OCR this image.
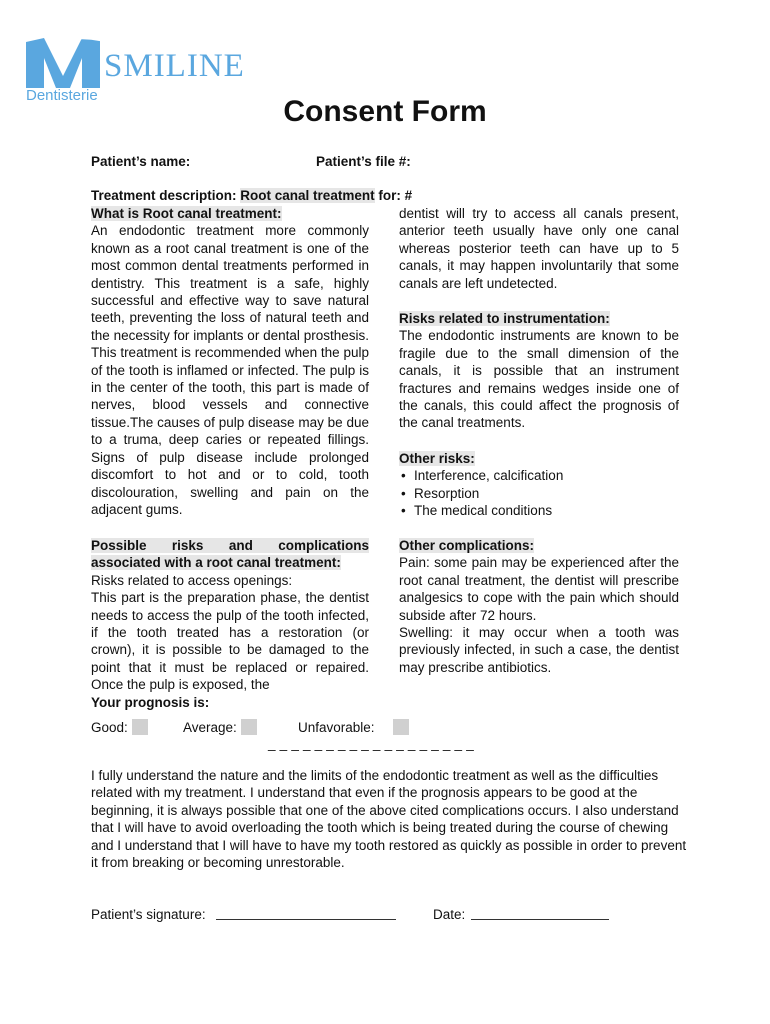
SMILINE
Dentisterie	Consent Form
Patient’s name:	Patient’s file #:
Treatment description: Root canal treatment for: #
What is Root canal treatment:
An endodontic treatment more commonly known as a root canal treatment is one of the most common dental treatments performed in dentistry. This treatment is a safe, highly successful and effective way to save natural teeth, preventing the loss of natural teeth and the necessity for implants or dental prosthesis. This treatment is recommended when the pulp of the tooth is inflamed or infected. The pulp is in the center of the tooth, this part is made of nerves, blood vessels and connective tissue.The causes of pulp disease may be due to a truma, deep caries or repeated fillings. Signs of pulp disease include prolonged discomfort to hot and or to cold, tooth discolouration, swelling and pain on the adjacent gums.
Possible risks and complications associated with a root canal treatment:
Risks related to access openings:
This part is the preparation phase, the dentist needs to access the pulp of the tooth infected, if the tooth treated has a restoration (or crown), it is possible to be damaged to the point that it must be replaced or repaired. Once the pulp is exposed, the
dentist will try to access all canals present, anterior teeth usually have only one canal whereas posterior teeth can have up to 5 canals, it may happen involuntarily that some canals are left undetected.
Risks related to instrumentation:
The endodontic instruments are known to be fragile due to the small dimension of the canals, it is possible that an instrument fractures and remains wedges inside one of the canals, this could affect the prognosis of the canal treatments.
Other risks:
• Interference, calcification
• Resorption
• The medical conditions
Other complications:
Pain: some pain may be experienced after the root canal treatment, the dentist will prescribe analgesics to cope with the pain which should subside after 72 hours.
Swelling: it may occur when a tooth was previously infected, in such a case, the dentist may prescribe antibiotics.
Your prognosis is:
Good:	Average:	Unfavorable:
_ _ _ _ _ _ _ _ _ _ _ _ _ _ _ _ _ _
I fully understand the nature and the limits of the endodontic treatment as well as the difficulties related with my treatment. I understand that even if the prognosis appears to be good at the beginning, it is always possible that one of the above cited complications occurs. I also understand that I will have to avoid overloading the tooth which is being treated during the course of chewing and I understand that I will have to have my tooth restored as quickly as possible in order to prevent it from breaking or becoming unrestorable.
Patient’s signature:	Date:
